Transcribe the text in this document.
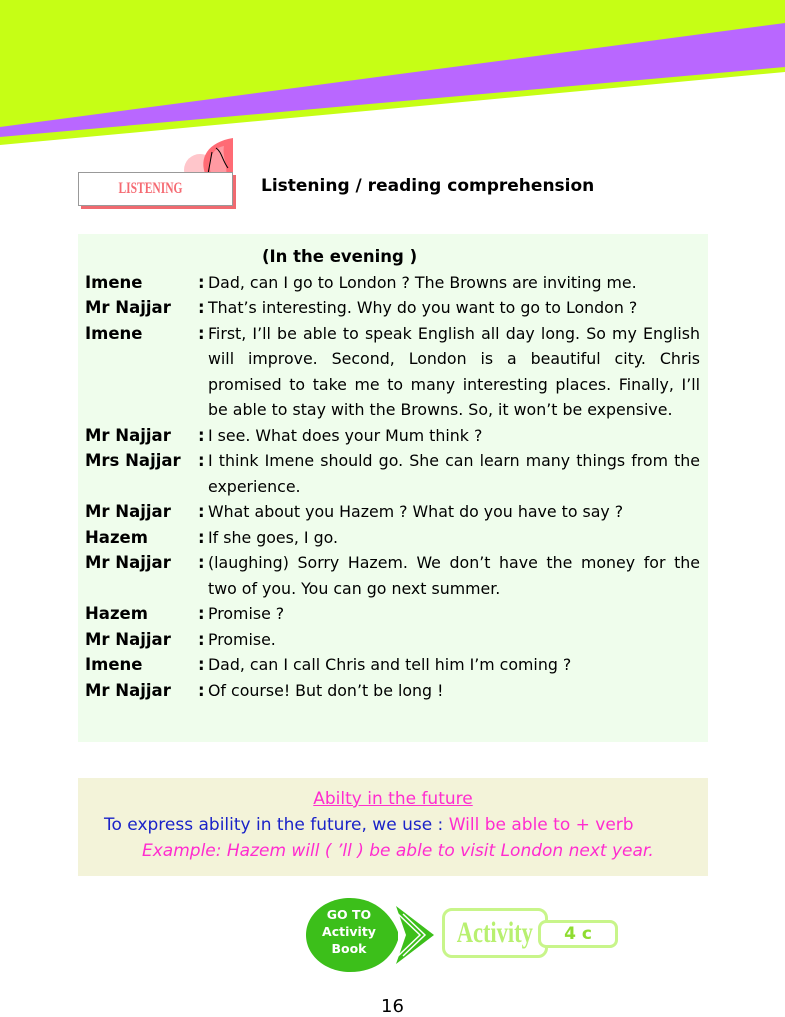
LISTENING	Listening / reading comprehension
(In the evening )
Imene	: Dad, can I go to London ? The Browns are inviting me.
Mr Najjar	: That’s interesting. Why do you want to go to London ?
Imene	: First, I’ll be able to speak English all day long. So my English will improve. Second, London is a beautiful city. Chris promised to take me to many interesting places. Finally, I’ll be able to stay with the Browns. So, it won’t be expensive.
Mr Najjar	: I see. What does your Mum think ?
Mrs Najjar	: I think Imene should go. She can learn many things from the experience.
Mr Najjar	: What about you Hazem ? What do you have to say ?
Hazem	: If she goes, I go.
Mr Najjar	: (laughing) Sorry Hazem. We don’t have the money for the two of you. You can go next summer.
Hazem	: Promise ?
Mr Najjar	: Promise.
Imene	: Dad, can I call Chris and tell him I’m coming ?
Mr Najjar	: Of course! But don’t be long !
Abilty in the future
To express ability in the future, we use : Will be able to + verb
Example: Hazem will ( ’ll ) be able to visit London next year.
GO TO
Activity
Book	Activity	4 c
16
